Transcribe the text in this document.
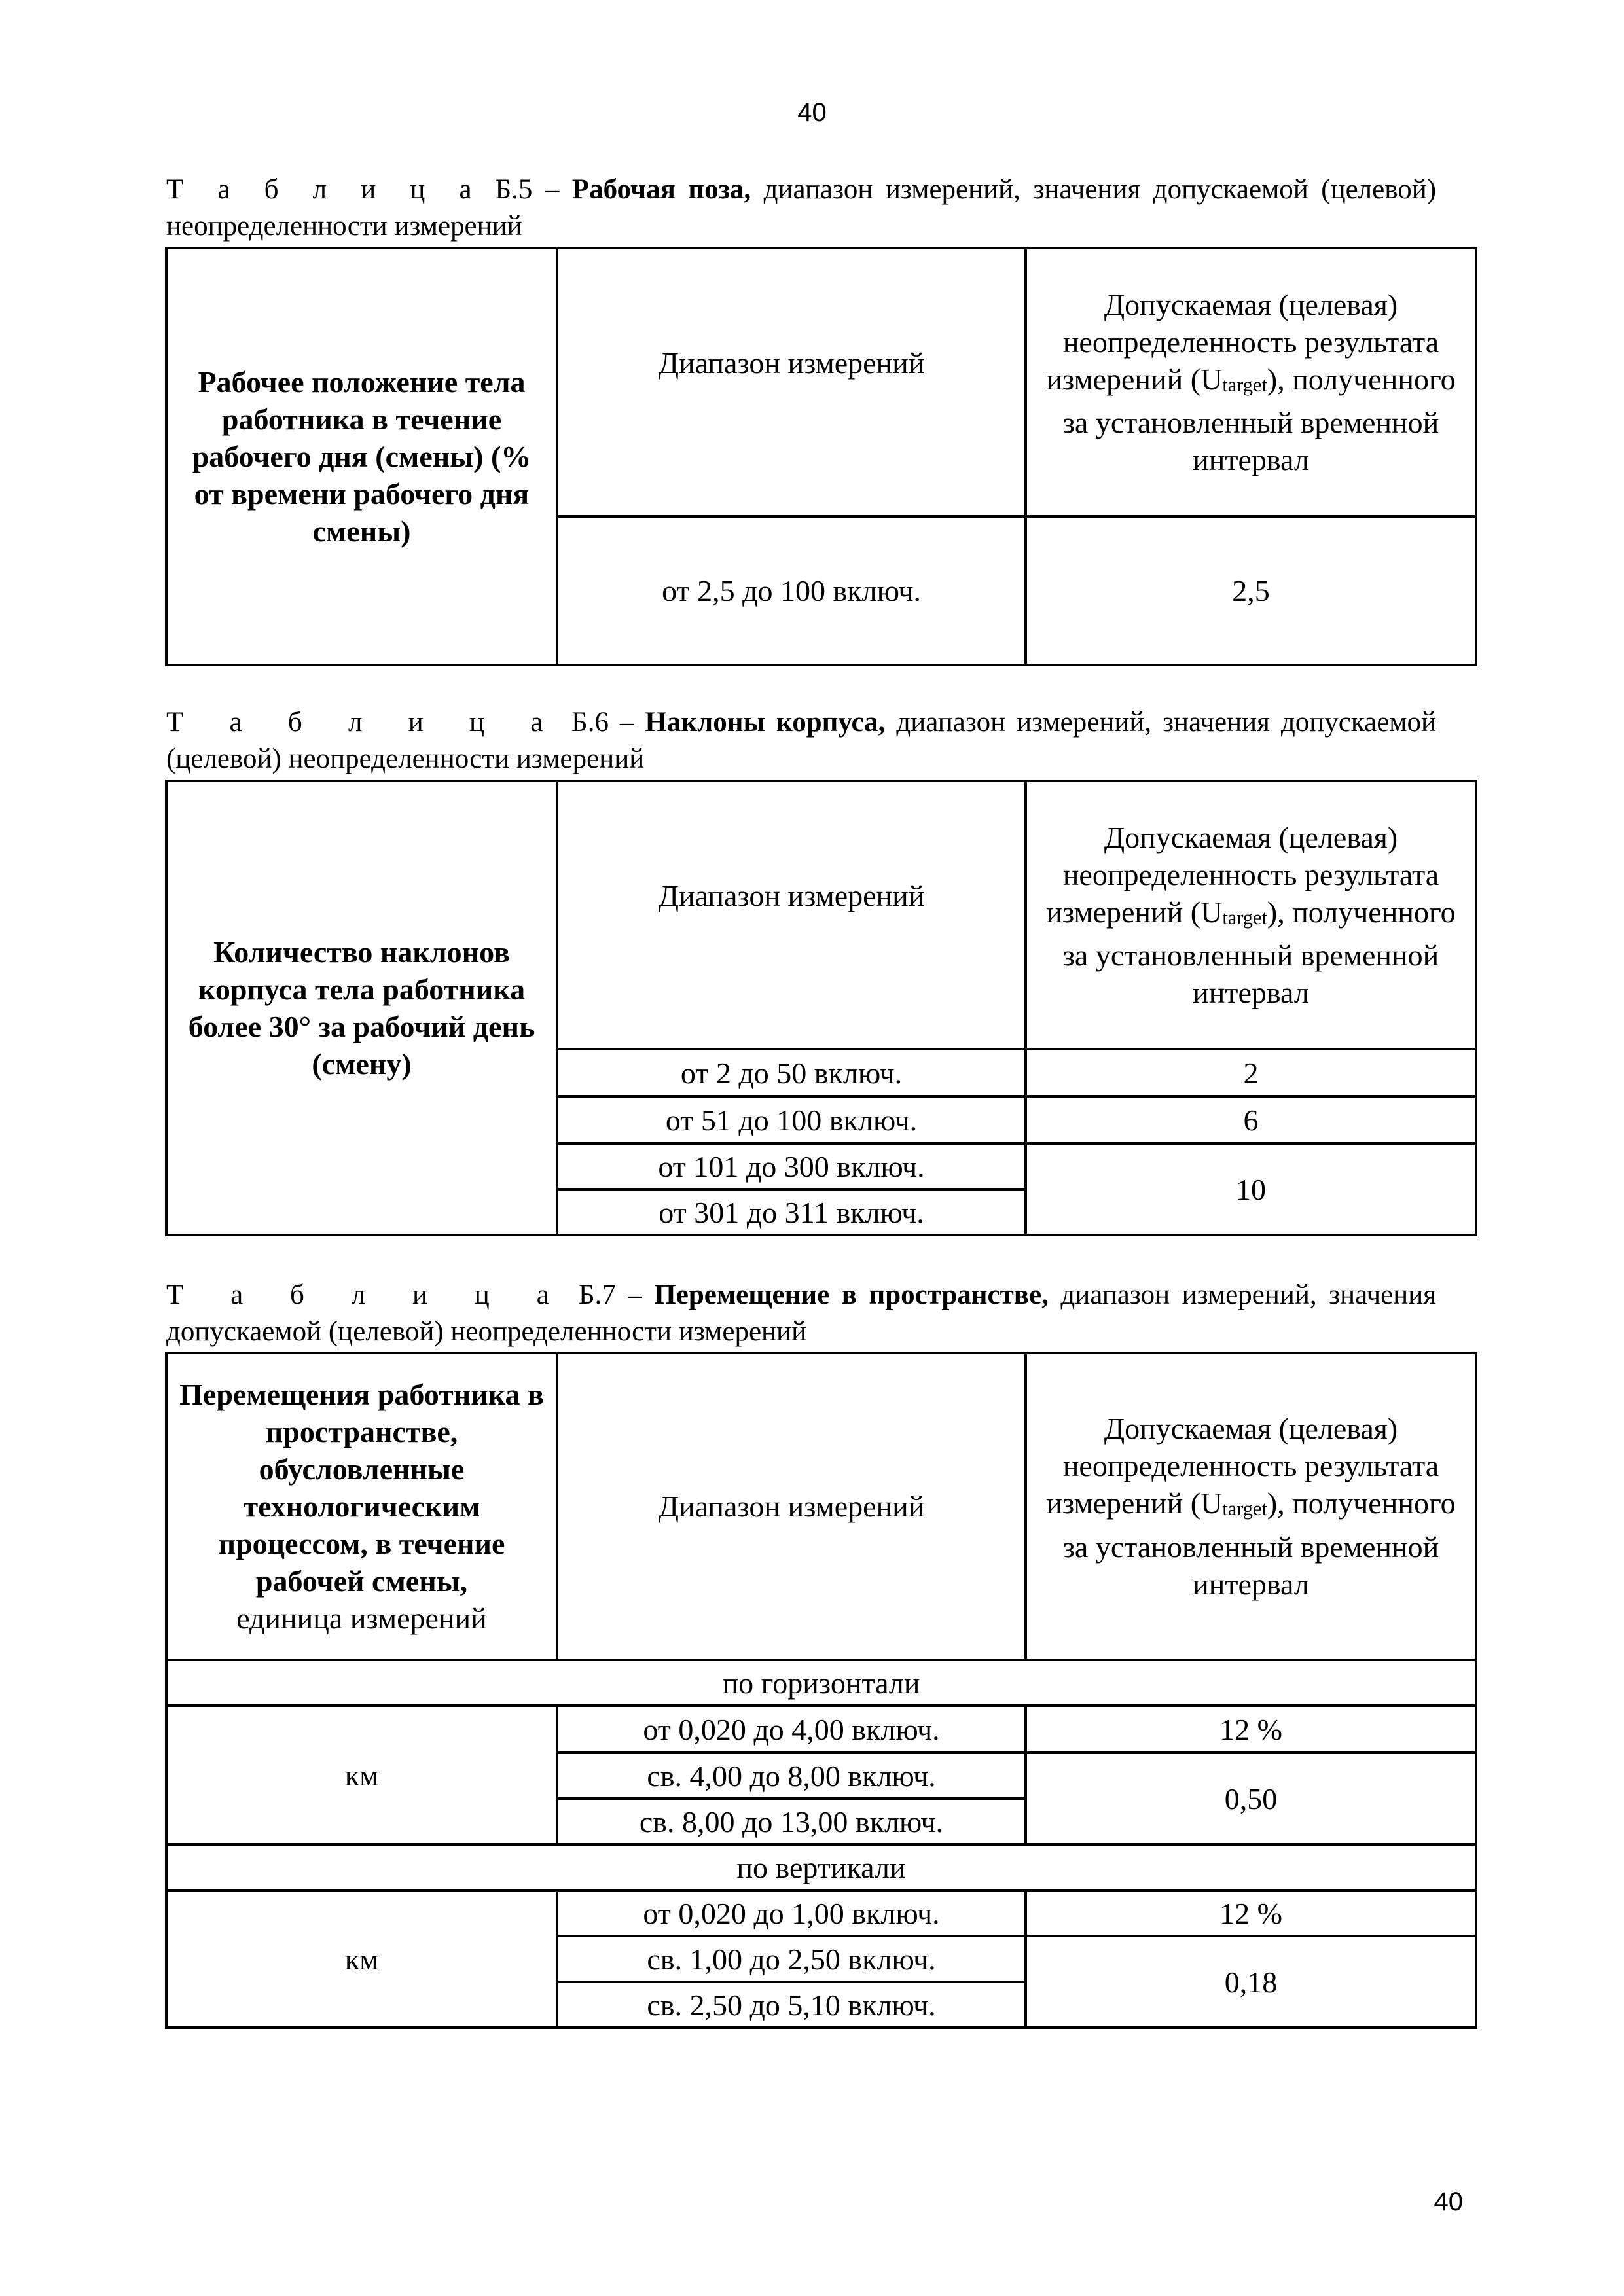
40
Т а б л и ц а Б.5 – Рабочая поза, диапазон измерений, значения допускаемой (целевой) неопределенности измерений
Рабочее положение тела работника в течение рабочего дня (смены) (% от времени рабочего дня смены)	Диапазон измерений	Допускаемая (целевая) неопределенность результата измерений $(U_{target})$, полученного за установленный временной интервал
	от 2,5 до 100 включ.	2,5
Т а б л и ц а Б.6 – Наклоны корпуса, диапазон измерений, значения допускаемой (целевой) неопределенности измерений
Количество наклонов корпуса тела работника более 30° за рабочий день (смену)	Диапазон измерений	Допускаемая (целевая) неопределенность результата измерений $(U_{target})$, полученного за установленный временной интервал
	от 2 до 50 включ.	2
	от 51 до 100 включ.	6
	от 101 до 300 включ.	10
	от 301 до 311 включ.	
Т а б л и ц а Б.7 – Перемещение в пространстве, диапазон измерений, значения допускаемой (целевой) неопределенности измерений
Перемещения работника в пространстве, обусловленные технологическим процессом, в течение рабочей смены,
единица измерений	Диапазон измерений	Допускаемая (целевая) неопределенность результата измерений $(U_{target})$, полученного за установленный временной интервал
по горизонтали		
км	от 0,020 до 4,00 включ.	12 %
	св. 4,00 до 8,00 включ.	0,50
	св. 8,00 до 13,00 включ.	
по вертикали		
км	от 0,020 до 1,00 включ.	12 %
	св. 1,00 до 2,50 включ.	0,18
	св. 2,50 до 5,10 включ.	
40
